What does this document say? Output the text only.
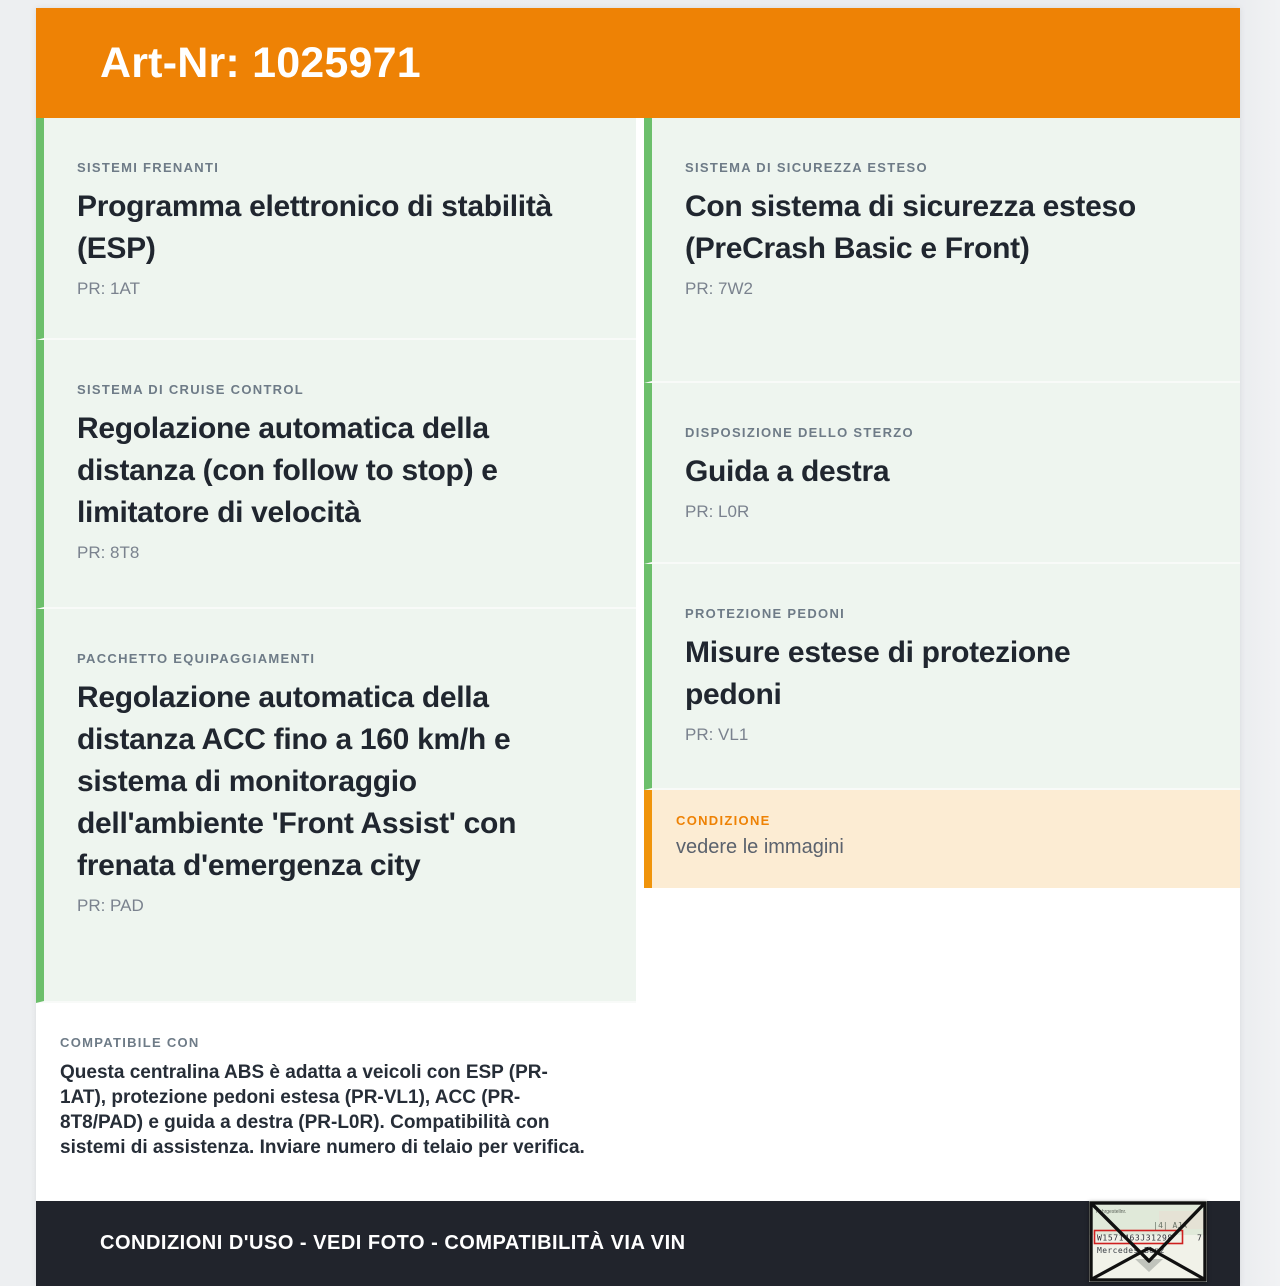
Art-Nr: 1025971
SISTEMI FRENANTI
Programma elettronico di stabilità (ESP)
PR: 1AT
SISTEMA DI CRUISE CONTROL
Regolazione automatica della distanza (con follow to stop) e limitatore di velocità
PR: 8T8
PACCHETTO EQUIPAGGIAMENTI
Regolazione automatica della distanza ACC fino a 160 km/h e sistema di monitoraggio dell'ambiente 'Front Assist' con frenata d'emergenza city
PR: PAD
COMPATIBILE CON
Questa centralina ABS è adatta a veicoli con ESP (PR-1AT), protezione pedoni estesa (PR-VL1), ACC (PR-8T8/PAD) e guida a destra (PR-L0R). Compatibilità con sistemi di assistenza. Inviare numero di telaio per verifica.
SISTEMA DI SICUREZZA ESTESO
Con sistema di sicurezza esteso (PreCrash Basic e Front)
PR: 7W2
DISPOSIZIONE DELLO STERZO
Guida a destra
PR: L0R
PROTEZIONE PEDONI
Misure estese di protezione pedoni
PR: VL1
CONDIZIONE
vedere le immagini
CONDIZIONI D'USO - VEDI FOTO - COMPATIBILITÀ VIA VIN
Fahrgestellnr.
|4| AJA
W1571463J31298	7
Mercedes-Benz
